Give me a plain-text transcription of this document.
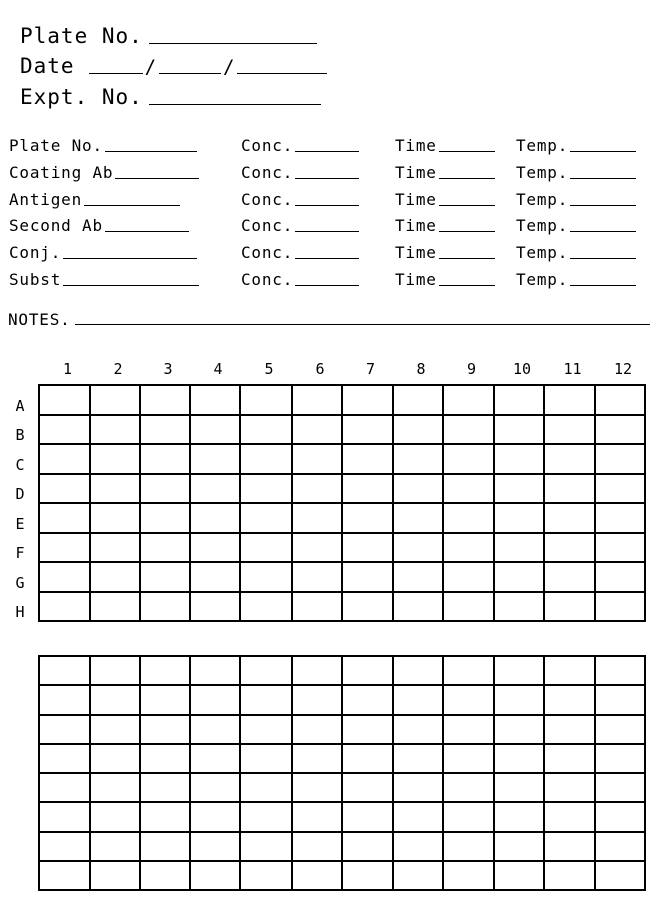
Plate No.
Date	/	/
Expt. No.
Plate No.	Conc.	Time	Temp.
Coating Ab	Conc.	Time	Temp.
Antigen	Conc.	Time	Temp.
Second Ab	Conc.	Time	Temp.
Conj.	Conc.	Time	Temp.
Subst	Conc.	Time	Temp.
NOTES.
1	2	3	4	5	6	7	8	9	10 11 12
A
B
C
D
E
F
G
H
